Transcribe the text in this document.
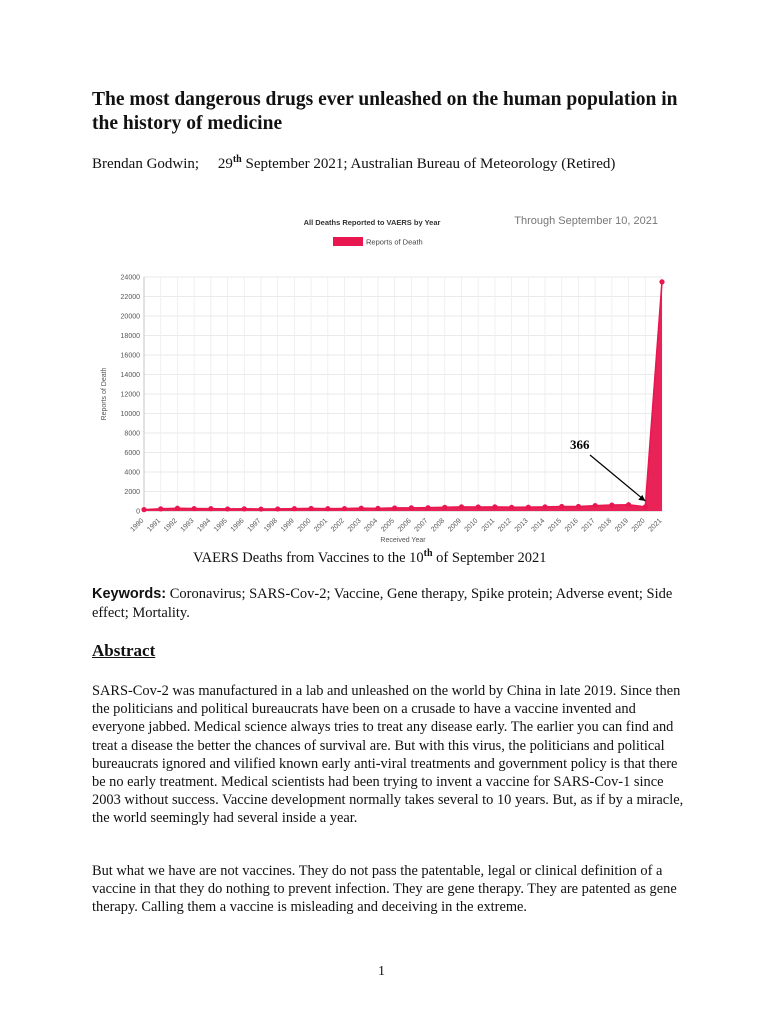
The most dangerous drugs ever unleashed on the human population in the history of medicine
Brendan Godwin; 29th September 2021; Australian Bureau of Meteorology (Retired)
All Deaths Reported to VAERS by Year	Through September 10, 2021
Reports of Death
0
2000
4000
6000
8000
10000
12000
14000
16000
18000
20000
22000
24000
1990 1991 1992 1993 1994 1995 1996 1997 1998 1999 2000 2001 2002 2003 2004 2005 2006 2007 2008 2009 2010 2011 2012 2013 2014 2015 2016 2017 2018 2019 2020 2021
Reports of Death
Received Year
366
VAERS Deaths from Vaccines to the 10th of September 2021
Keywords: Coronavirus; SARS-Cov-2; Vaccine, Gene therapy, Spike protein; Adverse event; Side effect; Mortality.
Abstract

SARS-Cov-2 was manufactured in a lab and unleashed on the world by China in late 2019. Since then the politicians and political bureaucrats have been on a crusade to have a vaccine invented and everyone jabbed. Medical science always tries to treat any disease early. The earlier you can find and treat a disease the better the chances of survival are. But with this virus, the politicians and political bureaucrats ignored and vilified known early anti-viral treatments and government policy is that there be no early treatment. Medical scientists had been trying to invent a vaccine for SARS-Cov-1 since 2003 without success. Vaccine development normally takes several to 10 years. But, as if by a miracle, the world seemingly had several inside a year.

But what we have are not vaccines. They do not pass the patentable, legal or clinical definition of a vaccine in that they do nothing to prevent infection. They are gene therapy. They are patented as gene therapy. Calling them a vaccine is misleading and deceiving in the extreme.

1
